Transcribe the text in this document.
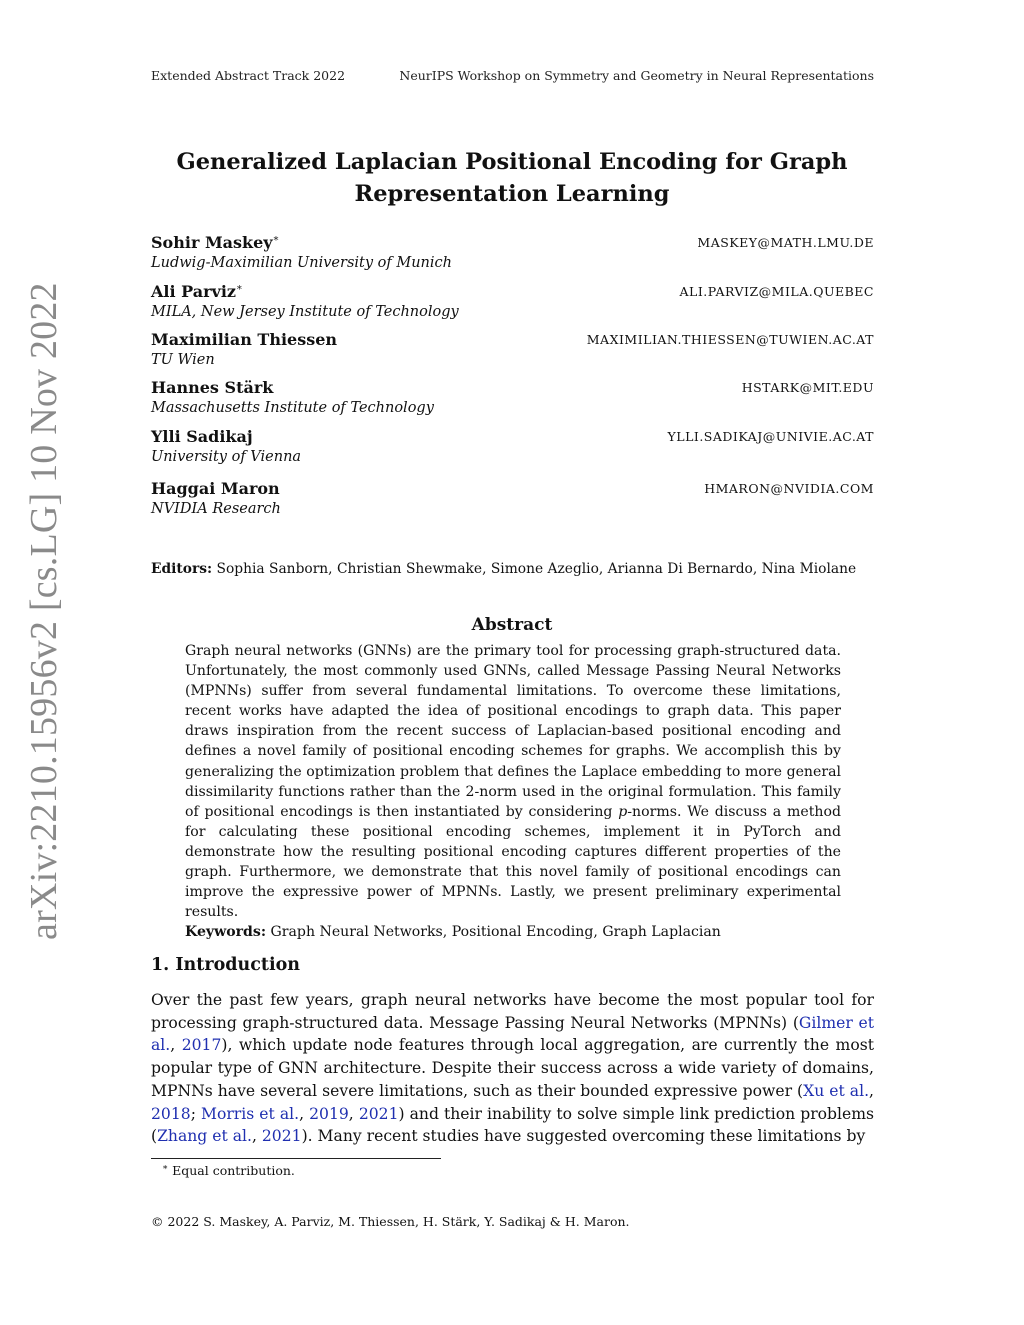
Extended Abstract Track 2022	NeurIPS Workshop on Symmetry and Geometry in Neural Representations
arXiv:2210.15956v2 [cs.LG] 10 Nov 2022
Generalized Laplacian Positional Encoding for Graph Representation Learning
Sohir Maskey∗	MASKEY@MATH.LMU.DE
Ludwig-Maximilian University of Munich
Ali Parviz∗	ALI.PARVIZ@MILA.QUEBEC
MILA, New Jersey Institute of Technology
Maximilian Thiessen	MAXIMILIAN.THIESSEN@TUWIEN.AC.AT
TU Wien
Hannes Stärk	HSTARK@MIT.EDU
Massachusetts Institute of Technology
Ylli Sadikaj	YLLI.SADIKAJ@UNIVIE.AC.AT
University of Vienna
Haggai Maron	HMARON@NVIDIA.COM
NVIDIA Research
Editors: Sophia Sanborn, Christian Shewmake, Simone Azeglio, Arianna Di Bernardo, Nina Miolane
Abstract
Graph neural networks (GNNs) are the primary tool for processing graph-structured data. Unfortunately, the most commonly used GNNs, called Message Passing Neural Networks (MPNNs) suffer from several fundamental limitations. To overcome these limitations, recent works have adapted the idea of positional encodings to graph data. This paper draws inspiration from the recent success of Laplacian-based positional encoding and defines a novel family of positional encoding schemes for graphs. We accomplish this by generalizing the optimization problem that defines the Laplace embedding to more general dissimilarity functions rather than the 2-norm used in the original formulation. This family of positional encodings is then instantiated by considering p-norms. We discuss a method for calculating these positional encoding schemes, implement it in PyTorch and demonstrate how the resulting positional encoding captures different properties of the graph. Furthermore, we demonstrate that this novel family of positional encodings can improve the expressive power of MPNNs. Lastly, we present preliminary experimental results.
Keywords: Graph Neural Networks, Positional Encoding, Graph Laplacian
1. Introduction
Over the past few years, graph neural networks have become the most popular tool for processing graph-structured data. Message Passing Neural Networks (MPNNs) (Gilmer et al., 2017), which update node features through local aggregation, are currently the most popular type of GNN architecture. Despite their success across a wide variety of domains, MPNNs have several severe limitations, such as their bounded expressive power (Xu et al., 2018; Morris et al., 2019, 2021) and their inability to solve simple link prediction problems (Zhang et al., 2021). Many recent studies have suggested overcoming these limitations by
∗ Equal contribution.
© 2022 S. Maskey, A. Parviz, M. Thiessen, H. Stärk, Y. Sadikaj & H. Maron.
